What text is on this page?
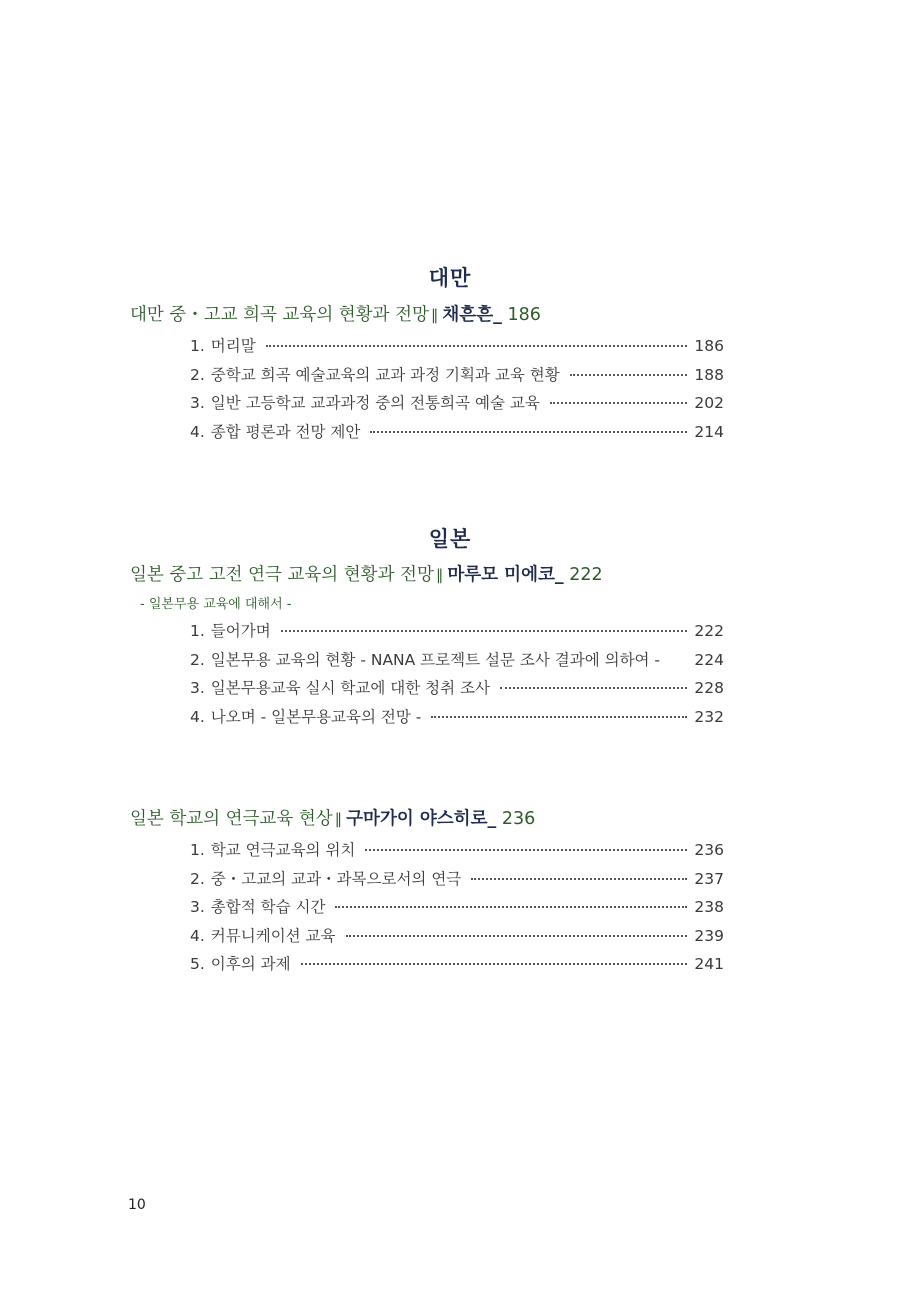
대만
대만 중・고교 희곡 교육의 현황과 전망 ∥ 채흔흔_ 186
1. 머리말	186
2. 중학교 희곡 예술교육의 교과 과정 기획과 교육 현황	188
3. 일반 고등학교 교과과정 중의 전통희곡 예술 교육	202
4. 종합 평론과 전망 제안	214
일본
일본 중고 고전 연극 교육의 현황과 전망 ∥ 마루모 미에코_ 222
- 일본무용 교육에 대해서 -
1. 들어가며	222
2. 일본무용 교육의 현황 - NANA 프로젝트 설문 조사 결과에 의하여 - 224
3. 일본무용교육 실시 학교에 대한 청취 조사	228
4. 나오며 - 일본무용교육의 전망 -	232
일본 학교의 연극교육 현상 ∥ 구마가이 야스히로_ 236
1. 학교 연극교육의 위치	236
2. 중・고교의 교과・과목으로서의 연극	237
3. 총합적 학습 시간	238
4. 커뮤니케이션 교육	239
5. 이후의 과제	241
10
